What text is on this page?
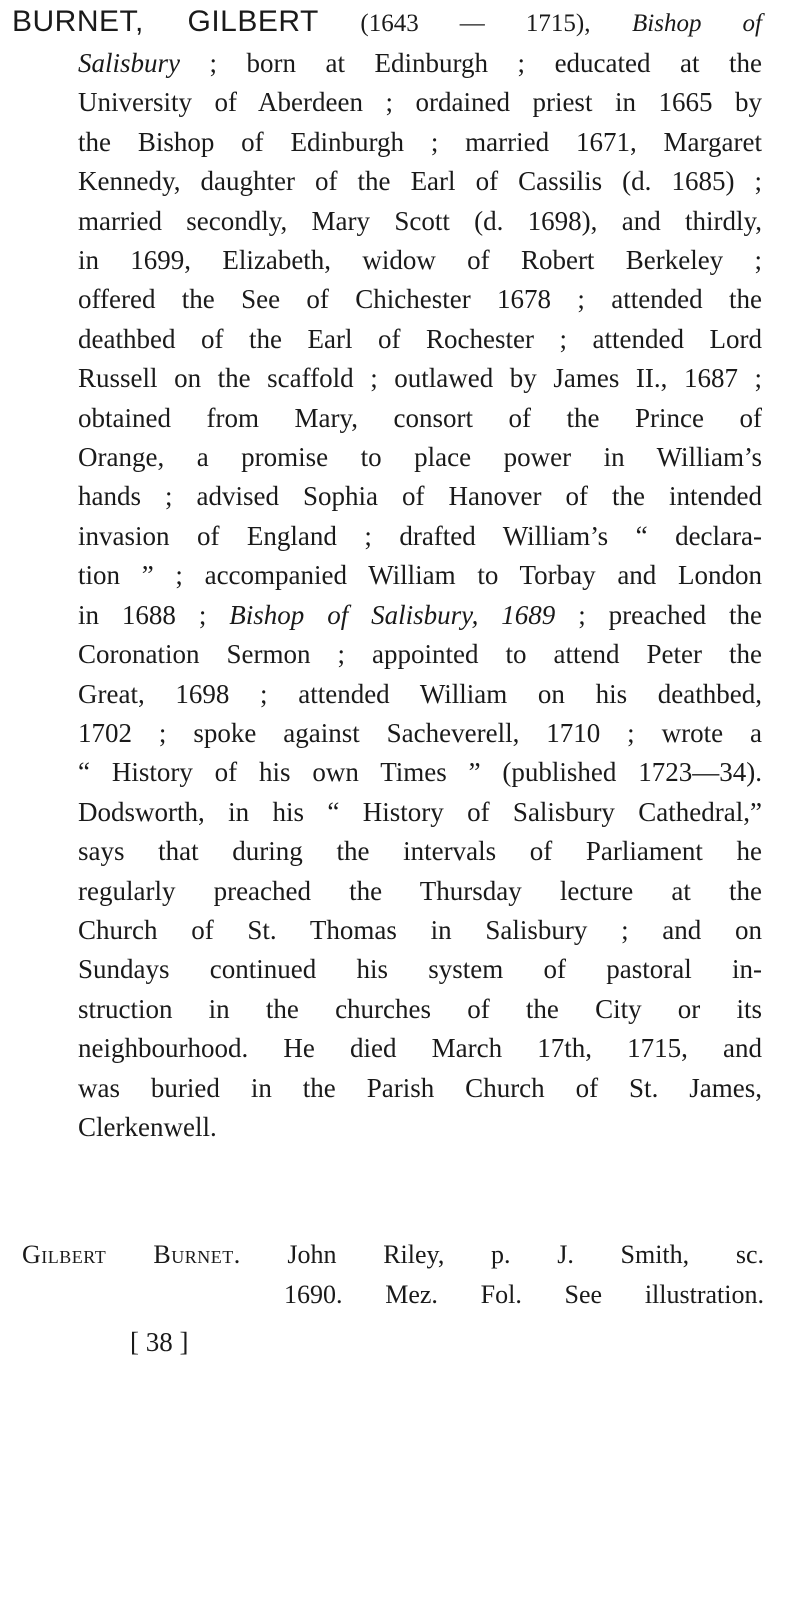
BURNET, GILBERT (1643 — 1715), Bishop of
Salisbury ; born at Edinburgh ; educated at the
University of Aberdeen ; ordained priest in 1665 by
the Bishop of Edinburgh ; married 1671, Margaret
Kennedy, daughter of the Earl of Cassilis (d. 1685) ;
married secondly, Mary Scott (d. 1698), and thirdly,
in 1699, Elizabeth, widow of Robert Berkeley ;
offered the See of Chichester 1678 ; attended the
deathbed of the Earl of Rochester ; attended Lord
Russell on the scaffold ; outlawed by James II., 1687 ;
obtained from Mary, consort of the Prince of
Orange, a promise to place power in William’s
hands ; advised Sophia of Hanover of the intended
invasion of England ; drafted William’s “ declara-
tion ” ; accompanied William to Torbay and London
in 1688 ; Bishop of Salisbury, 1689 ; preached the
Coronation Sermon ; appointed to attend Peter the
Great, 1698 ; attended William on his deathbed,
1702 ; spoke against Sacheverell, 1710 ; wrote a
“ History of his own Times ” (published 1723—34).
Dodsworth, in his “ History of Salisbury Cathedral,”
says that during the intervals of Parliament he
regularly preached the Thursday lecture at the
Church of St. Thomas in Salisbury ; and on
Sundays continued his system of pastoral in-
struction in the churches of the City or its
neighbourhood. He died March 17th, 1715, and
was buried in the Parish Church of St. James,
Clerkenwell.
Gilbert Burnet. John Riley, p. J. Smith, sc.
1690. Mez. Fol. See illustration.
[ 38 ]
